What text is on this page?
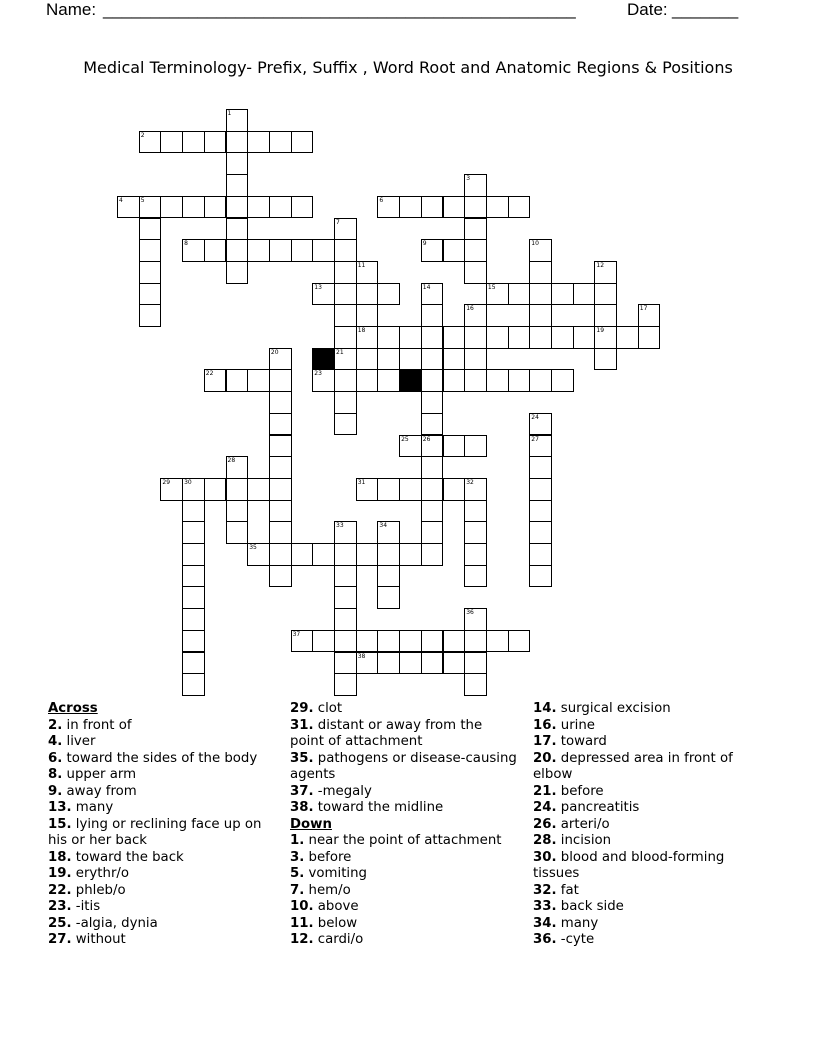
Name: __________________________________________________	Date: _______
Medical Terminology- Prefix, Suffix , Word Root and Anatomic Regions & Positions
2
4	5	6
8	9
13	15
18	19
21
22	23
25 26
29 30	31	32
35
37
38
1
3
7
10
11	12
14
16	17
20
24
27
28
33	34
36
Across
2. in front of
4. liver
6. toward the sides of the body
8. upper arm
9. away from
13. many
15. lying or reclining face up on his or her back
18. toward the back
19. erythr/o
22. phleb/o
23. -itis
25. -algia, dynia
27. without
29. clot
31. distant or away from the point of attachment
35. pathogens or disease-causing agents
37. -megaly
38. toward the midline
Down
1. near the point of attachment
3. before
5. vomiting
7. hem/o
10. above
11. below
12. cardi/o
14. surgical excision
16. urine
17. toward
20. depressed area in front of elbow
21. before
24. pancreatitis
26. arteri/o
28. incision
30. blood and blood-forming tissues
32. fat
33. back side
34. many
36. -cyte
